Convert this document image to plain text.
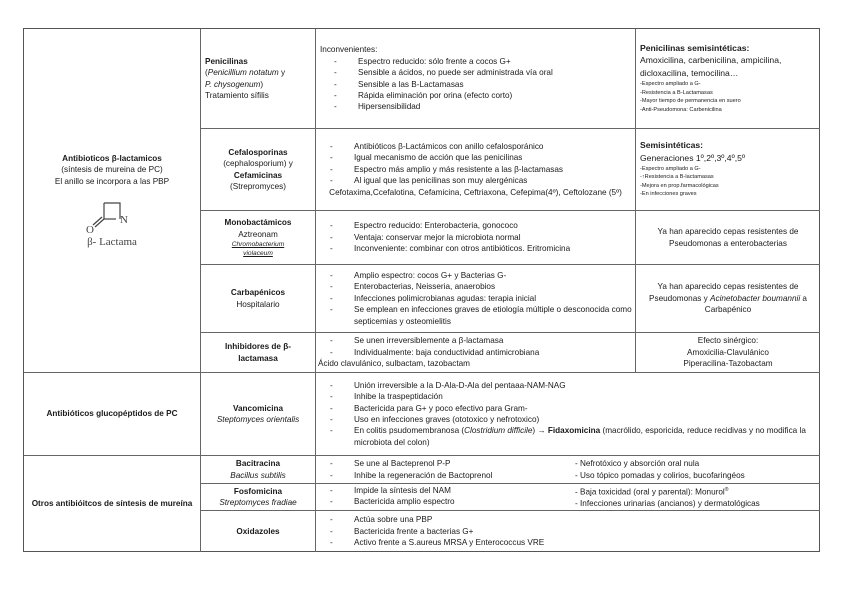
Antibioticos β-lactamicos
(síntesis de mureina de PC)
El anillo se incorpora a las PBP
N
O
β- Lactama
Antibióticos glucopéptidos de PC
Otros antibióitcos de síntesis de mureína
Penicilinas
(Penicillium notatum y
P. chysogenum)
Tratamiento sífilis
Inconvenientes:
- Espectro reducido: sólo frente a cocos G+
- Sensible a ácidos, no puede ser administrada vía oral
- Sensible a las B-Lactamasas
- Rápida eliminación por orina (efecto corto)
- Hipersensibilidad
Penicilinas semisintéticas:
Amoxicilina, carbenicilina, ampicilina, dicloxacilina, temocilina…
-Espectro ampliado a G-
-Resistencia a B-Lactamasas
-Mayor tiempo de permanencia en suero
-Anti-Pseudomona: Carbenicilina
Cefalosporinas
(cephalosporium) y
Cefamicinas
(Strepromyces)
- Antibióticos β-Lactámicos con anillo cefalosporánico
- Igual mecanismo de acción que las penicilinas
- Espectro más amplio y más resistente a las β-lactamasas
- Al igual que las penicilinas son muy alergénicas
Cefotaxima,Ccefalotina, Cefamicina, Ceftriaxona, Cefepima(4º), Ceftolozane (5º)
Semisintéticas:
Generaciones 1º,2º,3º,4º,5º
-Espectro ampliado a G-
-↑Resistencia a B-lactamasas
-Mejora en prop.farmacológicas
-En infecciones graves
Monobactámicos
Aztreonam
Chromobacterium violaceum
- Espectro reducido: Enterobacteria, gonococo
- Ventaja: conservar mejor la microbiota normal
- Inconveniente: combinar con otros antibióticos. Eritromicina
Ya han aparecido cepas resistentes de Pseudomonas a enterobacterias
Carbapénicos
Hospitalario
- Amplio espectro: cocos G+ y Bacterias G-
- Enterobacterias, Neisseria, anaerobios
- Infecciones polimicrobianas agudas: terapia inicial
- Se emplean en infecciones graves de etiología múltiple o desconocida como septicemias y osteomielitis
Ya han aparecido cepas resistentes de Pseudomonas y Acinetobacter boumannii a Carbapénico
Inhibidores de β-lactamasa
- Se unen irreversiblemente a β-lactamasa
- Individualmente: baja conductividad antimicrobiana
Ácido clavulánico, sulbactam, tazobactam
Efecto sinérgico:
Amoxicilia-Clavulánico
Piperacilina-Tazobactam
Vancomicina
Steptomyces orientalis
- Unión irreversible a la D-Ala-D-Ala del pentaaa-NAM-NAG
- Inhibe la traspeptidación
- Bactericida para G+ y poco efectivo para Gram-
- Uso en infecciones graves (ototoxico y nefrotoxico)
- En colitis psudomembranosa (Clostridium difficile) → Fidaxomicina (macrólido, esporicida, reduce recidivas y no modifica la microbiota del colon)
Bacitracina
Bacillus subtilis
- Se une al Bacteprenol P-P
- Inhibe la regeneración de Bactoprenol
- Nefrotóxico y absorción oral nula
- Uso tópico pomadas y colirios, bucofaringéos
Fosfomicina
Streptomyces fradiae
- Impide la síntesis del NAM
- Bactericida amplio espectro
- Baja toxicidad (oral y parental): Monurol®
- Infecciones urinarias (ancianos) y dermatológicas
Oxidazoles
- Actúa sobre una PBP
- Bactericida frente a bacterias G+
- Activo frente a S.aureus MRSA y Enterococcus VRE
